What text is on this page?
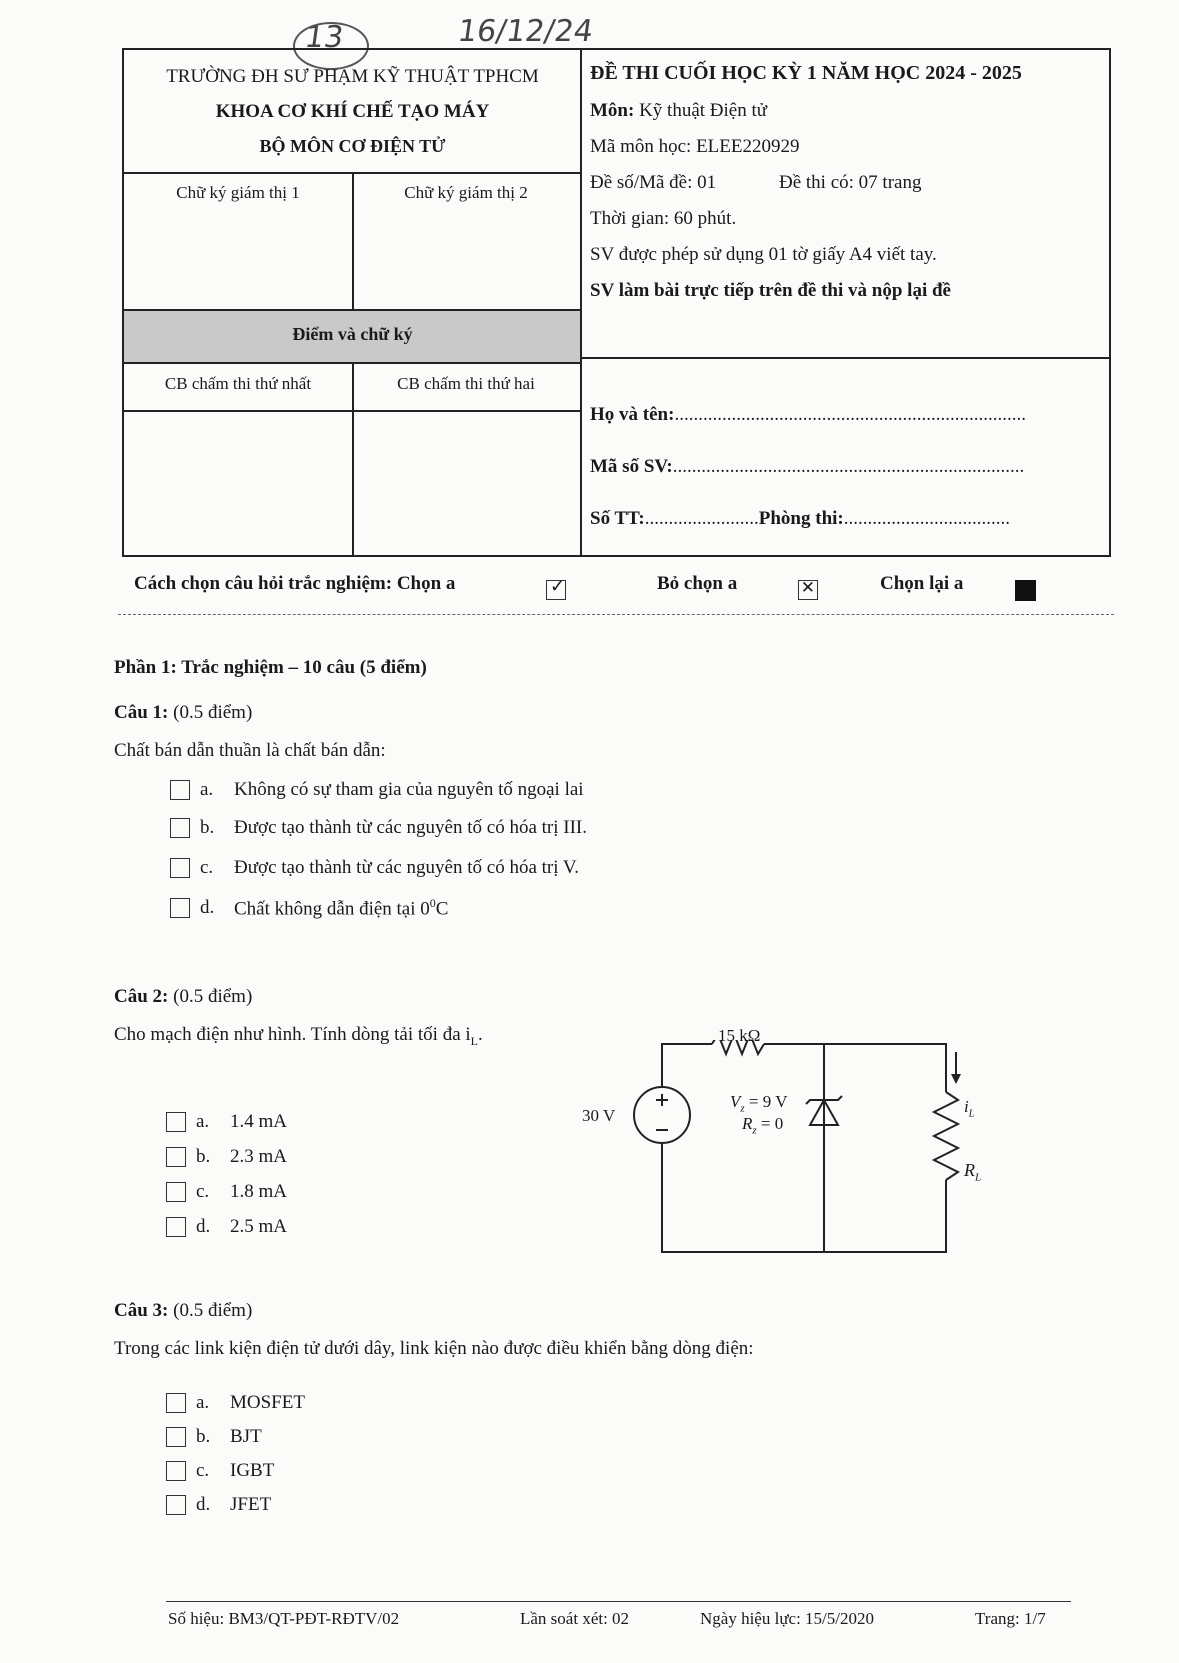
13	16/12/24
TRƯỜNG ĐH SƯ PHẠM KỸ THUẬT TPHCM
KHOA CƠ KHÍ CHẾ TẠO MÁY
BỘ MÔN CƠ ĐIỆN TỬ
Chữ ký giám thị 1	Chữ ký giám thị 2
Điểm và chữ ký
CB chấm thi thứ nhất	CB chấm thi thứ hai
ĐỀ THI CUỐI HỌC KỲ 1 NĂM HỌC 2024 - 2025
Môn: Kỹ thuật Điện tử
Mã môn học: ELEE220929
Đề số/Mã đề: 01	Đề thi có: 07 trang
Thời gian: 60 phút.
SV được phép sử dụng 01 tờ giấy A4 viết tay.
SV làm bài trực tiếp trên đề thi và nộp lại đề
Họ và tên:..........................................................................
Mã số SV:..........................................................................
Số TT:........................Phòng thi:...................................
Cách chọn câu hỏi trắc nghiệm: Chọn a	✓
	Bỏ chọn a	✕	Chọn lại a
Phần 1: Trắc nghiệm – 10 câu (5 điểm)
Câu 1: (0.5 điểm)
Chất bán dẫn thuần là chất bán dẫn:
a.	Không có sự tham gia của nguyên tố ngoại lai
b.	Được tạo thành từ các nguyên tố có hóa trị III.
c.	Được tạo thành từ các nguyên tố có hóa trị V.
d.	Chất không dẫn điện tại $0^0C$
Câu 2: (0.5 điểm)
Cho mạch điện như hình. Tính dòng tải tối đa $i_L$.
a.	1.4 mA
b.	2.3 mA
c.	1.8 mA
d.	2.5 mA
15 kΩ
30 V
$V_z = 9$ V
$R_z = 0$
$i_L$
$R_L$
Câu 3: (0.5 điểm)
Trong các link kiện điện tử dưới dây, link kiện nào được điều khiển bằng dòng điện:
a.	MOSFET
b.	BJT
c.	IGBT
d.	JFET
Số hiệu: BM3/QT-PĐT-RĐTV/02	Lần soát xét: 02	Ngày hiệu lực: 15/5/2020	Trang: 1/7
